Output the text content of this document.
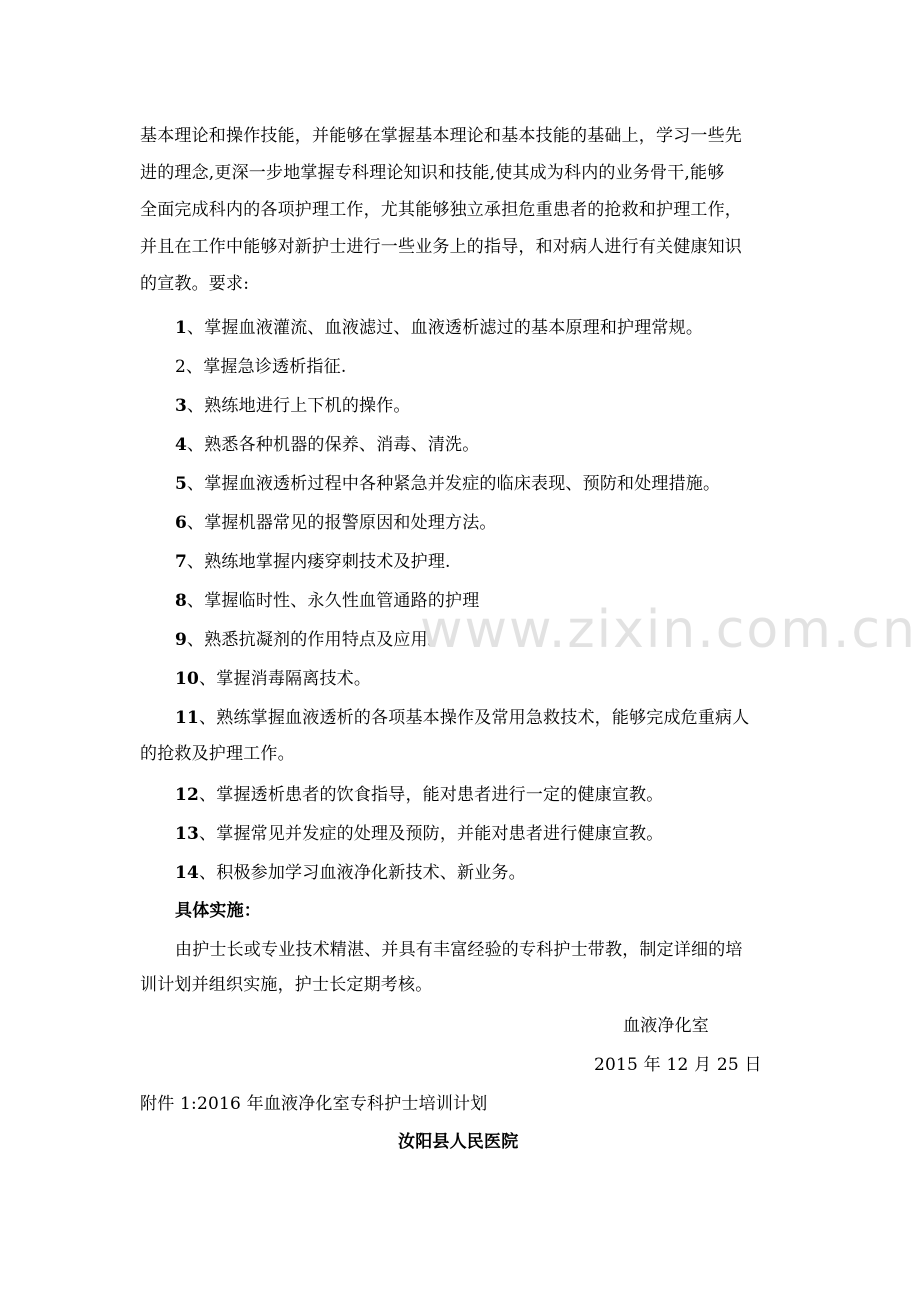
基本理论和操作技能，并能够在掌握基本理论和基本技能的基础上，学习一些先
进的理念,更深一步地掌握专科理论知识和技能,使其成为科内的业务骨干,能够
全面完成科内的各项护理工作，尤其能够独立承担危重患者的抢救和护理工作，
并且在工作中能够对新护士进行一些业务上的指导，和对病人进行有关健康知识
的宣教。要求:
1、掌握血液灌流、血液滤过、血液透析滤过的基本原理和护理常规。
2、掌握急诊透析指征.
3、熟练地进行上下机的操作。
4、熟悉各种机器的保养、消毒、清洗。
5、掌握血液透析过程中各种紧急并发症的临床表现、预防和处理措施。
6、掌握机器常见的报警原因和处理方法。
7、熟练地掌握内瘘穿刺技术及护理.
8、掌握临时性、永久性血管通路的护理
9、熟悉抗凝剂的作用特点及应用。
10、掌握消毒隔离技术。
11、熟练掌握血液透析的各项基本操作及常用急救技术，能够完成危重病人
的抢救及护理工作。
12、掌握透析患者的饮食指导，能对患者进行一定的健康宣教。
13、掌握常见并发症的处理及预防，并能对患者进行健康宣教。
14、积极参加学习血液净化新技术、新业务。
具体实施：
由护士长或专业技术精湛、并具有丰富经验的专科护士带教，制定详细的培
训计划并组织实施，护士长定期考核。
血液净化室
2015 年 12 月 25 日
附件 1:2016 年血液净化室专科护士培训计划
汝阳县人民医院
www.zixin.com.cn
